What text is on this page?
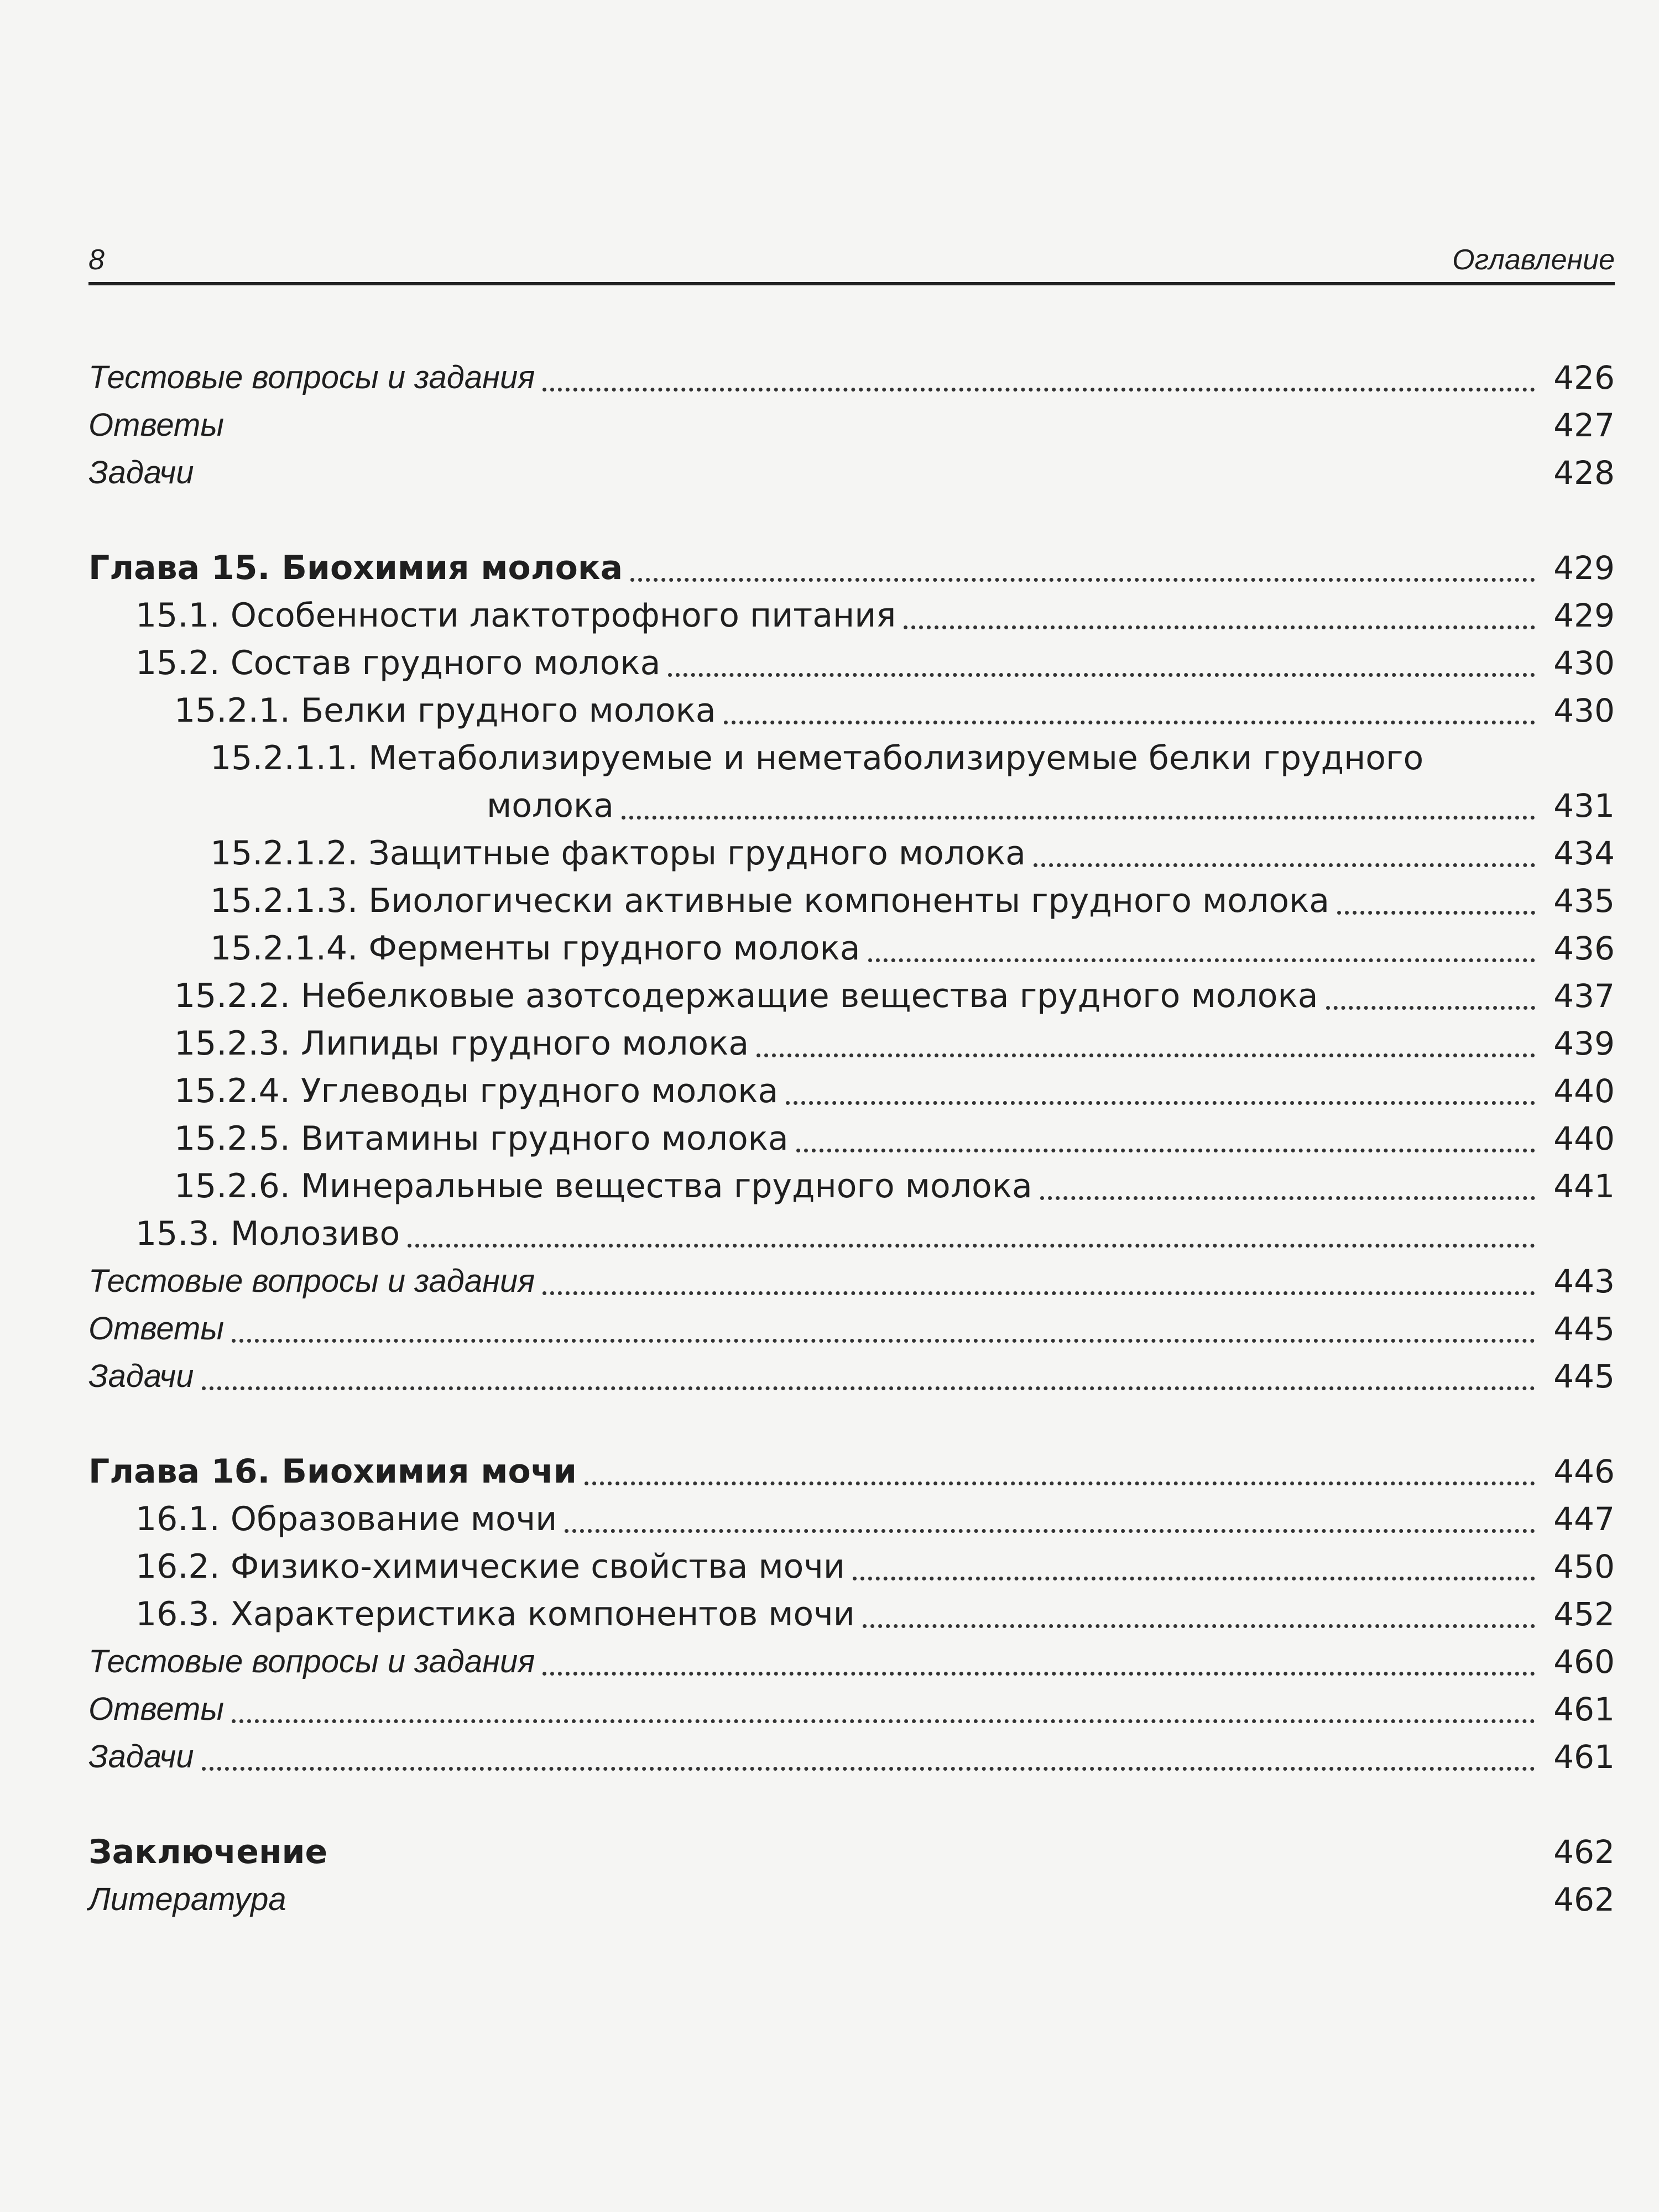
8	Оглавление
Тестовые вопросы и задания	426
Ответы	427
Задачи	428
Глава 15. Биохимия молока	429
15.1. Особенности лактотрофного питания	429
15.2. Состав грудного молока	430
15.2.1. Белки грудного молока	430
15.2.1.1. Метаболизируемые и неметаболизируемые белки грудного
молока	431
15.2.1.2. Защитные факторы грудного молока	434
15.2.1.3. Биологически активные компоненты грудного молока	435
15.2.1.4. Ферменты грудного молока	436
15.2.2. Небелковые азотсодержащие вещества грудного молока	437
15.2.3. Липиды грудного молока	439
15.2.4. Углеводы грудного молока	440
15.2.5. Витамины грудного молока	440
15.2.6. Минеральные вещества грудного молока	441
15.3. Молозиво
Тестовые вопросы и задания	443
Ответы	445
Задачи	445
Глава 16. Биохимия мочи	446
16.1. Образование мочи	447
16.2. Физико-химические свойства мочи	450
16.3. Характеристика компонентов мочи	452
Тестовые вопросы и задания	460
Ответы	461
Задачи	461
Заключение	462
Литература	462
